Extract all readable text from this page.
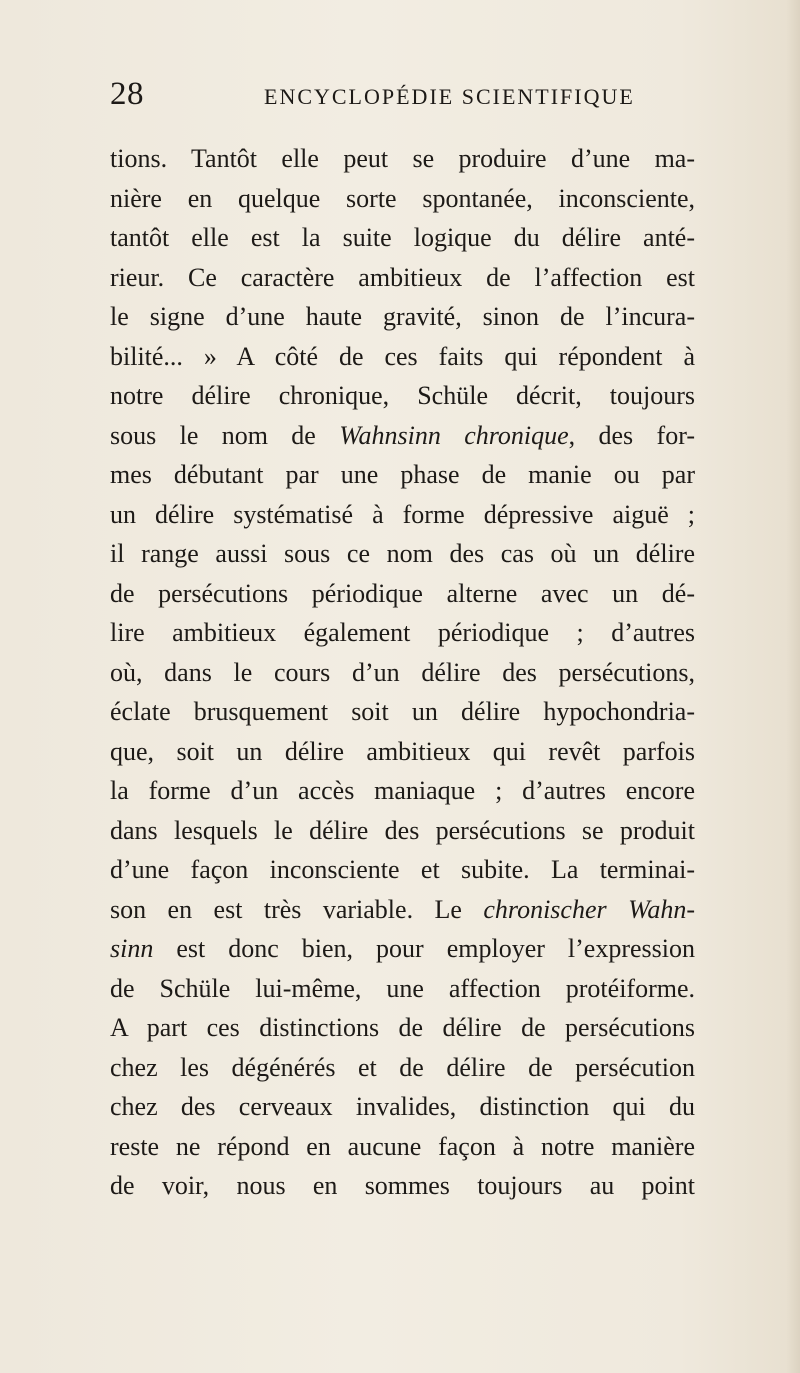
28	ENCYCLOPÉDIE SCIENTIFIQUE
tions. Tantôt elle peut se produire d’une ma-
nière en quelque sorte spontanée, inconsciente,
tantôt elle est la suite logique du délire anté-
rieur. Ce caractère ambitieux de l’affection est
le signe d’une haute gravité, sinon de l’incura-
bilité... » A côté de ces faits qui répondent à
notre délire chronique, Schüle décrit, toujours
sous le nom de Wahnsinn chronique, des for-
mes débutant par une phase de manie ou par
un délire systématisé à forme dépressive aiguë ;
il range aussi sous ce nom des cas où un délire
de persécutions périodique alterne avec un dé-
lire ambitieux également périodique ; d’autres
où, dans le cours d’un délire des persécutions,
éclate brusquement soit un délire hypochondria-
que, soit un délire ambitieux qui revêt parfois
la forme d’un accès maniaque ; d’autres encore
dans lesquels le délire des persécutions se produit
d’une façon inconsciente et subite. La terminai-
son en est très variable. Le chronischer Wahn-
sinn est donc bien, pour employer l’expression
de Schüle lui-même, une affection protéiforme.
A part ces distinctions de délire de persécutions
chez les dégénérés et de délire de persécution
chez des cerveaux invalides, distinction qui du
reste ne répond en aucune façon à notre manière
de voir, nous en sommes toujours au point
